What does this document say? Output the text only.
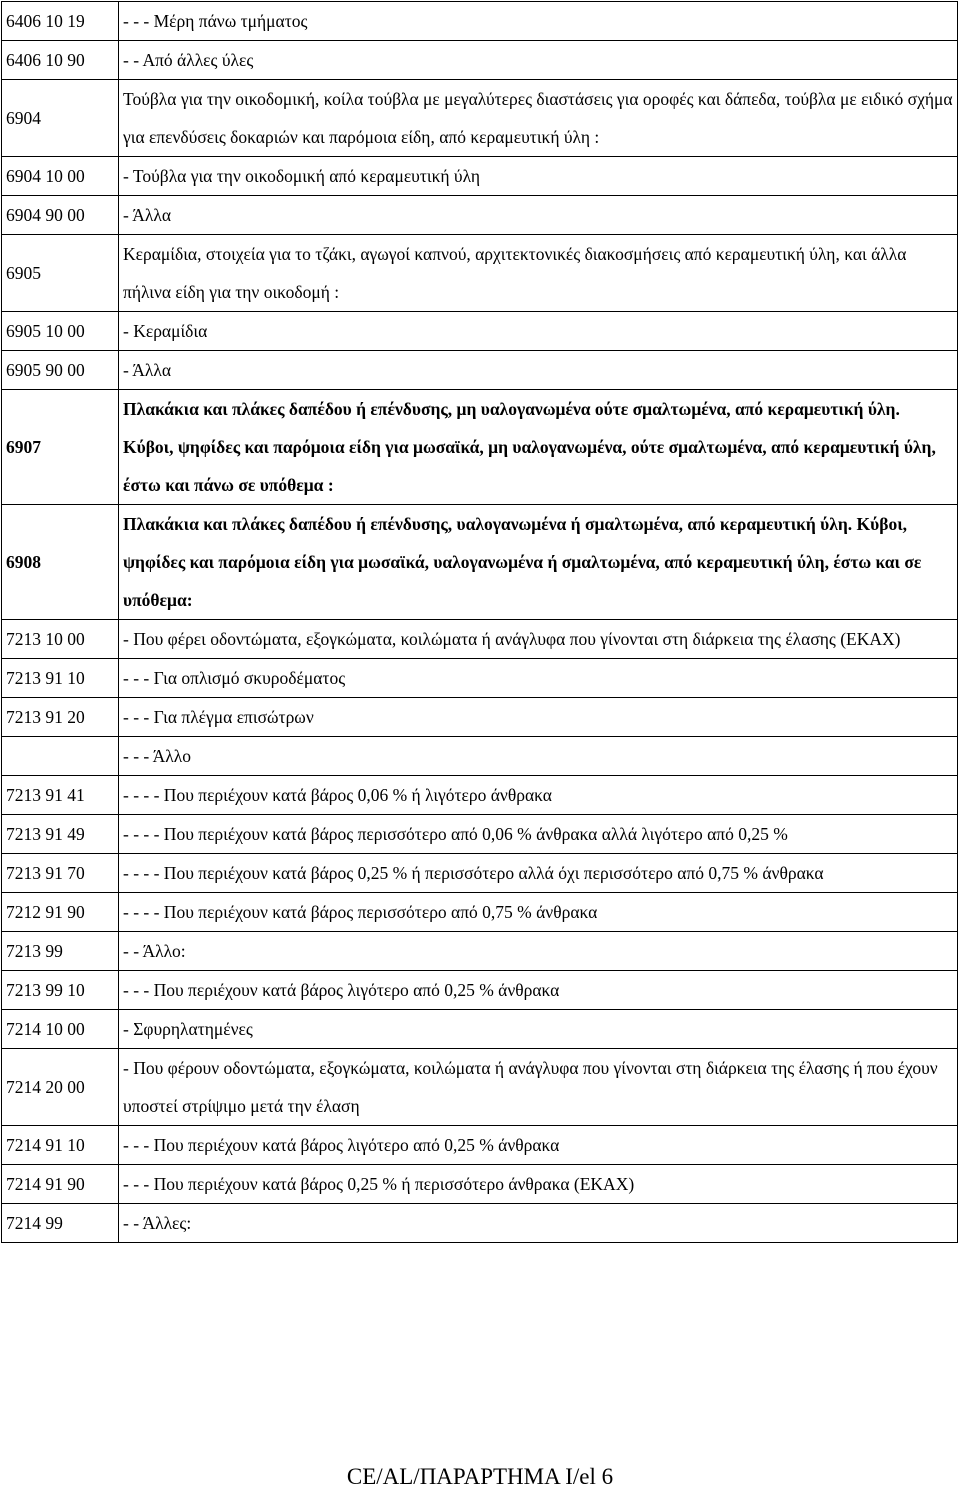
6406 10 19	- - - Μέρη πάνω τμήματος
6406 10 90	- - Από άλλες ύλες
6904	Τούβλα για την οικοδομική, κοίλα τούβλα με μεγαλύτερες διαστάσεις για οροφές και δάπεδα, τούβλα με ειδικό σχήμα για επενδύσεις δοκαριών και παρόμοια είδη, από κεραμευτική ύλη :
6904 10 00	- Τούβλα για την οικοδομική από κεραμευτική ύλη
6904 90 00	- Άλλα
6905	Κεραμίδια, στοιχεία για το τζάκι, αγωγοί καπνού, αρχιτεκτονικές διακοσμήσεις από κεραμευτική ύλη, και άλλα πήλινα είδη για την οικοδομή :
6905 10 00	- Κεραμίδια
6905 90 00	- Άλλα
6907	Πλακάκια και πλάκες δαπέδου ή επένδυσης, μη υαλογανωμένα ούτε σμαλτωμένα, από κεραμευτική ύλη. Κύβοι, ψηφίδες και παρόμοια είδη για μωσαϊκά, μη υαλογανωμένα, ούτε σμαλτωμένα, από κεραμευτική ύλη, έστω και πάνω σε υπόθεμα :
6908	Πλακάκια και πλάκες δαπέδου ή επένδυσης, υαλογανωμένα ή σμαλτωμένα, από κεραμευτική ύλη. Κύβοι, ψηφίδες και παρόμοια είδη για μωσαϊκά, υαλογανωμένα ή σμαλτωμένα, από κεραμευτική ύλη, έστω και σε υπόθεμα:
7213 10 00	- Που φέρει οδοντώματα, εξογκώματα, κοιλώματα ή ανάγλυφα που γίνονται στη διάρκεια της έλασης (ΕΚΑΧ)
7213 91 10	- - - Για οπλισμό σκυροδέματος
7213 91 20	- - - Για πλέγμα επισώτρων
	- - - Άλλο
7213 91 41	- - - - Που περιέχουν κατά βάρος 0,06 % ή λιγότερο άνθρακα
7213 91 49	- - - - Που περιέχουν κατά βάρος περισσότερο από 0,06 % άνθρακα αλλά λιγότερο από 0,25 %
7213 91 70	- - - - Που περιέχουν κατά βάρος 0,25 % ή περισσότερο αλλά όχι περισσότερο από 0,75 % άνθρακα
7212 91 90	- - - - Που περιέχουν κατά βάρος περισσότερο από 0,75 % άνθρακα
7213 99	- - Άλλο:
7213 99 10	- - - Που περιέχουν κατά βάρος λιγότερο από 0,25 % άνθρακα
7214 10 00	- Σφυρηλατημένες
7214 20 00	- Που φέρουν οδοντώματα, εξογκώματα, κοιλώματα ή ανάγλυφα που γίνονται στη διάρκεια της έλασης ή που έχουν υποστεί στρίψιμο μετά την έλαση
7214 91 10	- - - Που περιέχουν κατά βάρος λιγότερο από 0,25 % άνθρακα
7214 91 90	- - - Που περιέχουν κατά βάρος 0,25 % ή περισσότερο άνθρακα (ΕΚΑΧ)
7214 99	- - Άλλες:
CE/AL/ΠΑΡΑΡΤΗΜΑ I/el 6
